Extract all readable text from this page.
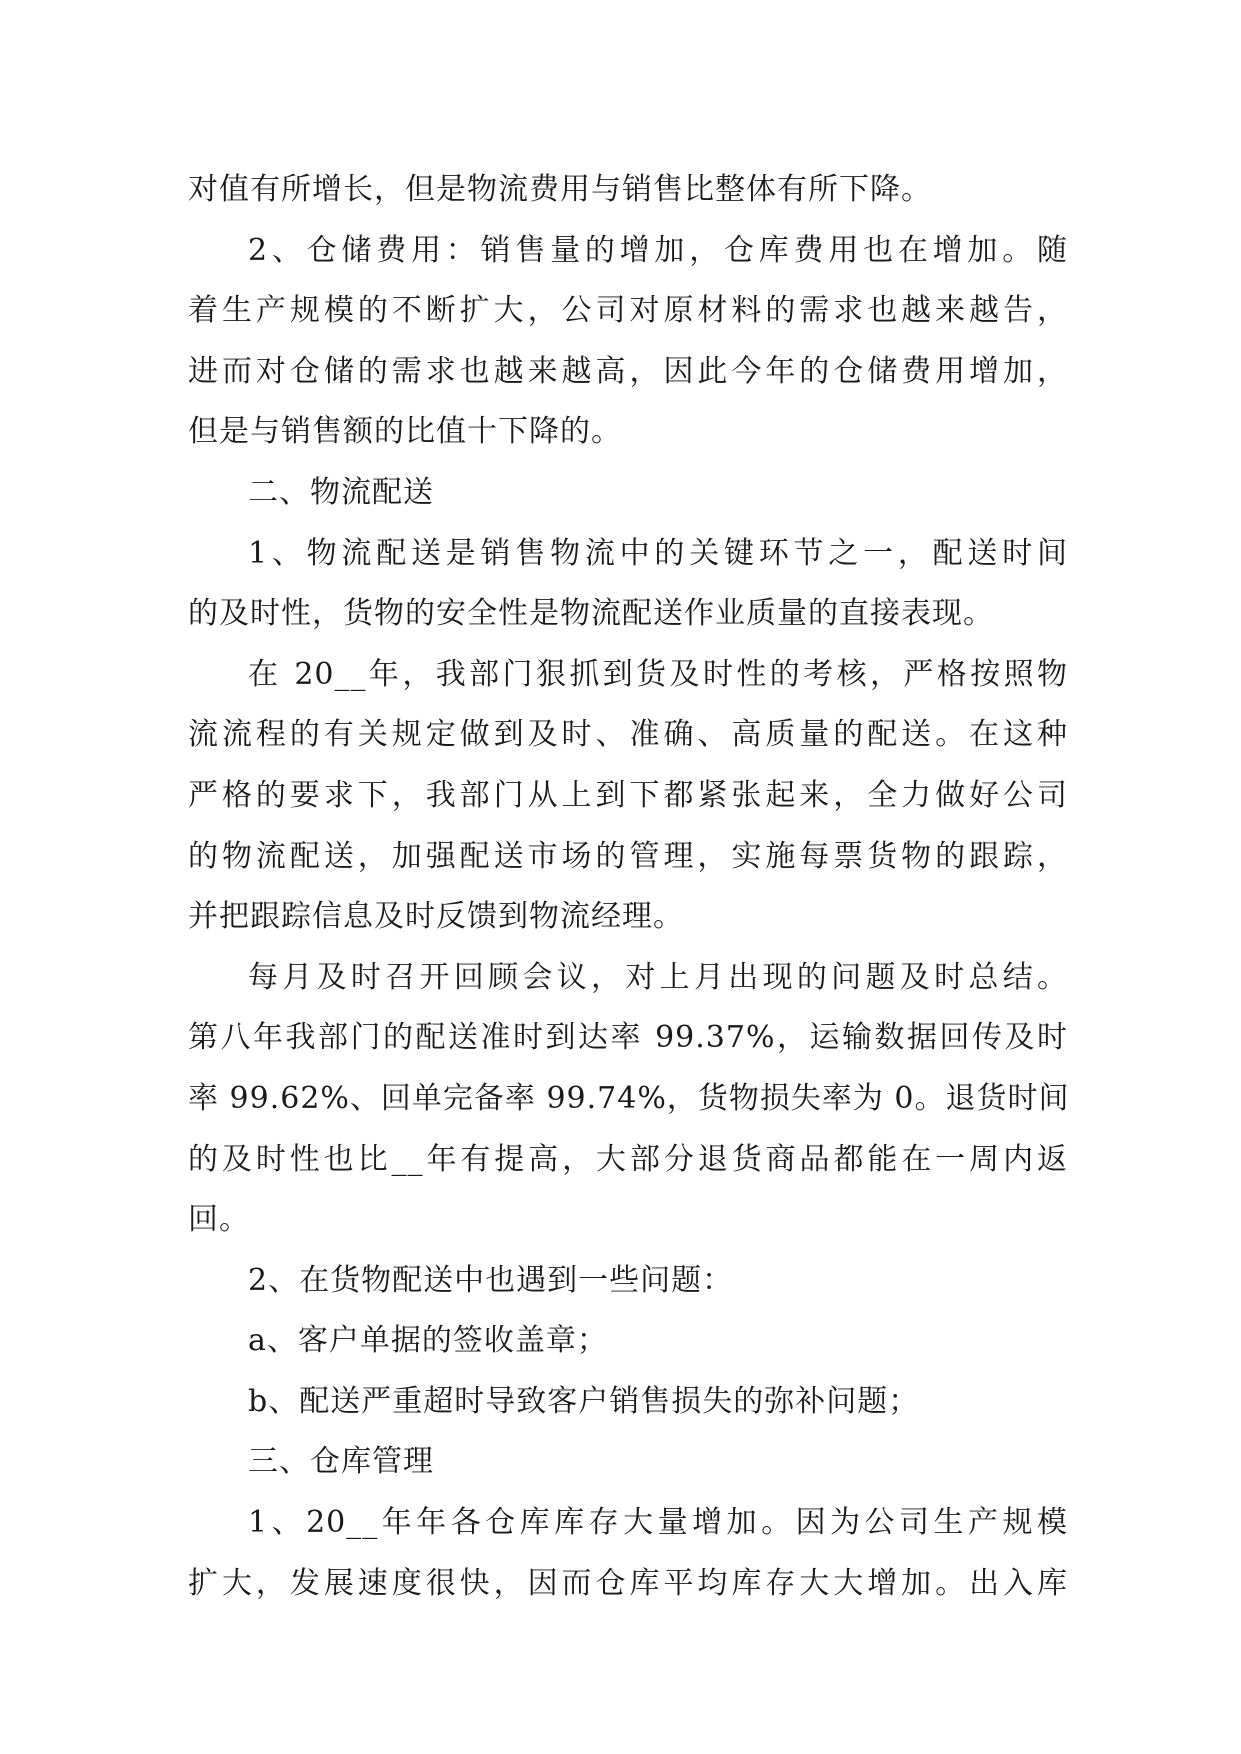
对值有所增长，但是物流费用与销售比整体有所下降。
2、仓储费用：销售量的增加，仓库费用也在增加。随
着生产规模的不断扩大，公司对原材料的需求也越来越告，
进而对仓储的需求也越来越高，因此今年的仓储费用增加，
但是与销售额的比值十下降的。
二、物流配送
1、物流配送是销售物流中的关键环节之一，配送时间
的及时性，货物的安全性是物流配送作业质量的直接表现。
在 20__年，我部门狠抓到货及时性的考核，严格按照物
流流程的有关规定做到及时、准确、高质量的配送。在这种
严格的要求下，我部门从上到下都紧张起来，全力做好公司
的物流配送，加强配送市场的管理，实施每票货物的跟踪，
并把跟踪信息及时反馈到物流经理。
每月及时召开回顾会议，对上月出现的问题及时总结。
第八年我部门的配送准时到达率 99.37%，运输数据回传及时
率 99.62%、回单完备率 99.74%，货物损失率为 0。退货时间
的及时性也比__年有提高，大部分退货商品都能在一周内返
回。
2、在货物配送中也遇到一些问题：
a、客户单据的签收盖章；
b、配送严重超时导致客户销售损失的弥补问题；
三、仓库管理
1、20__年年各仓库库存大量增加。因为公司生产规模
扩大，发展速度很快，因而仓库平均库存大大增加。出入库
